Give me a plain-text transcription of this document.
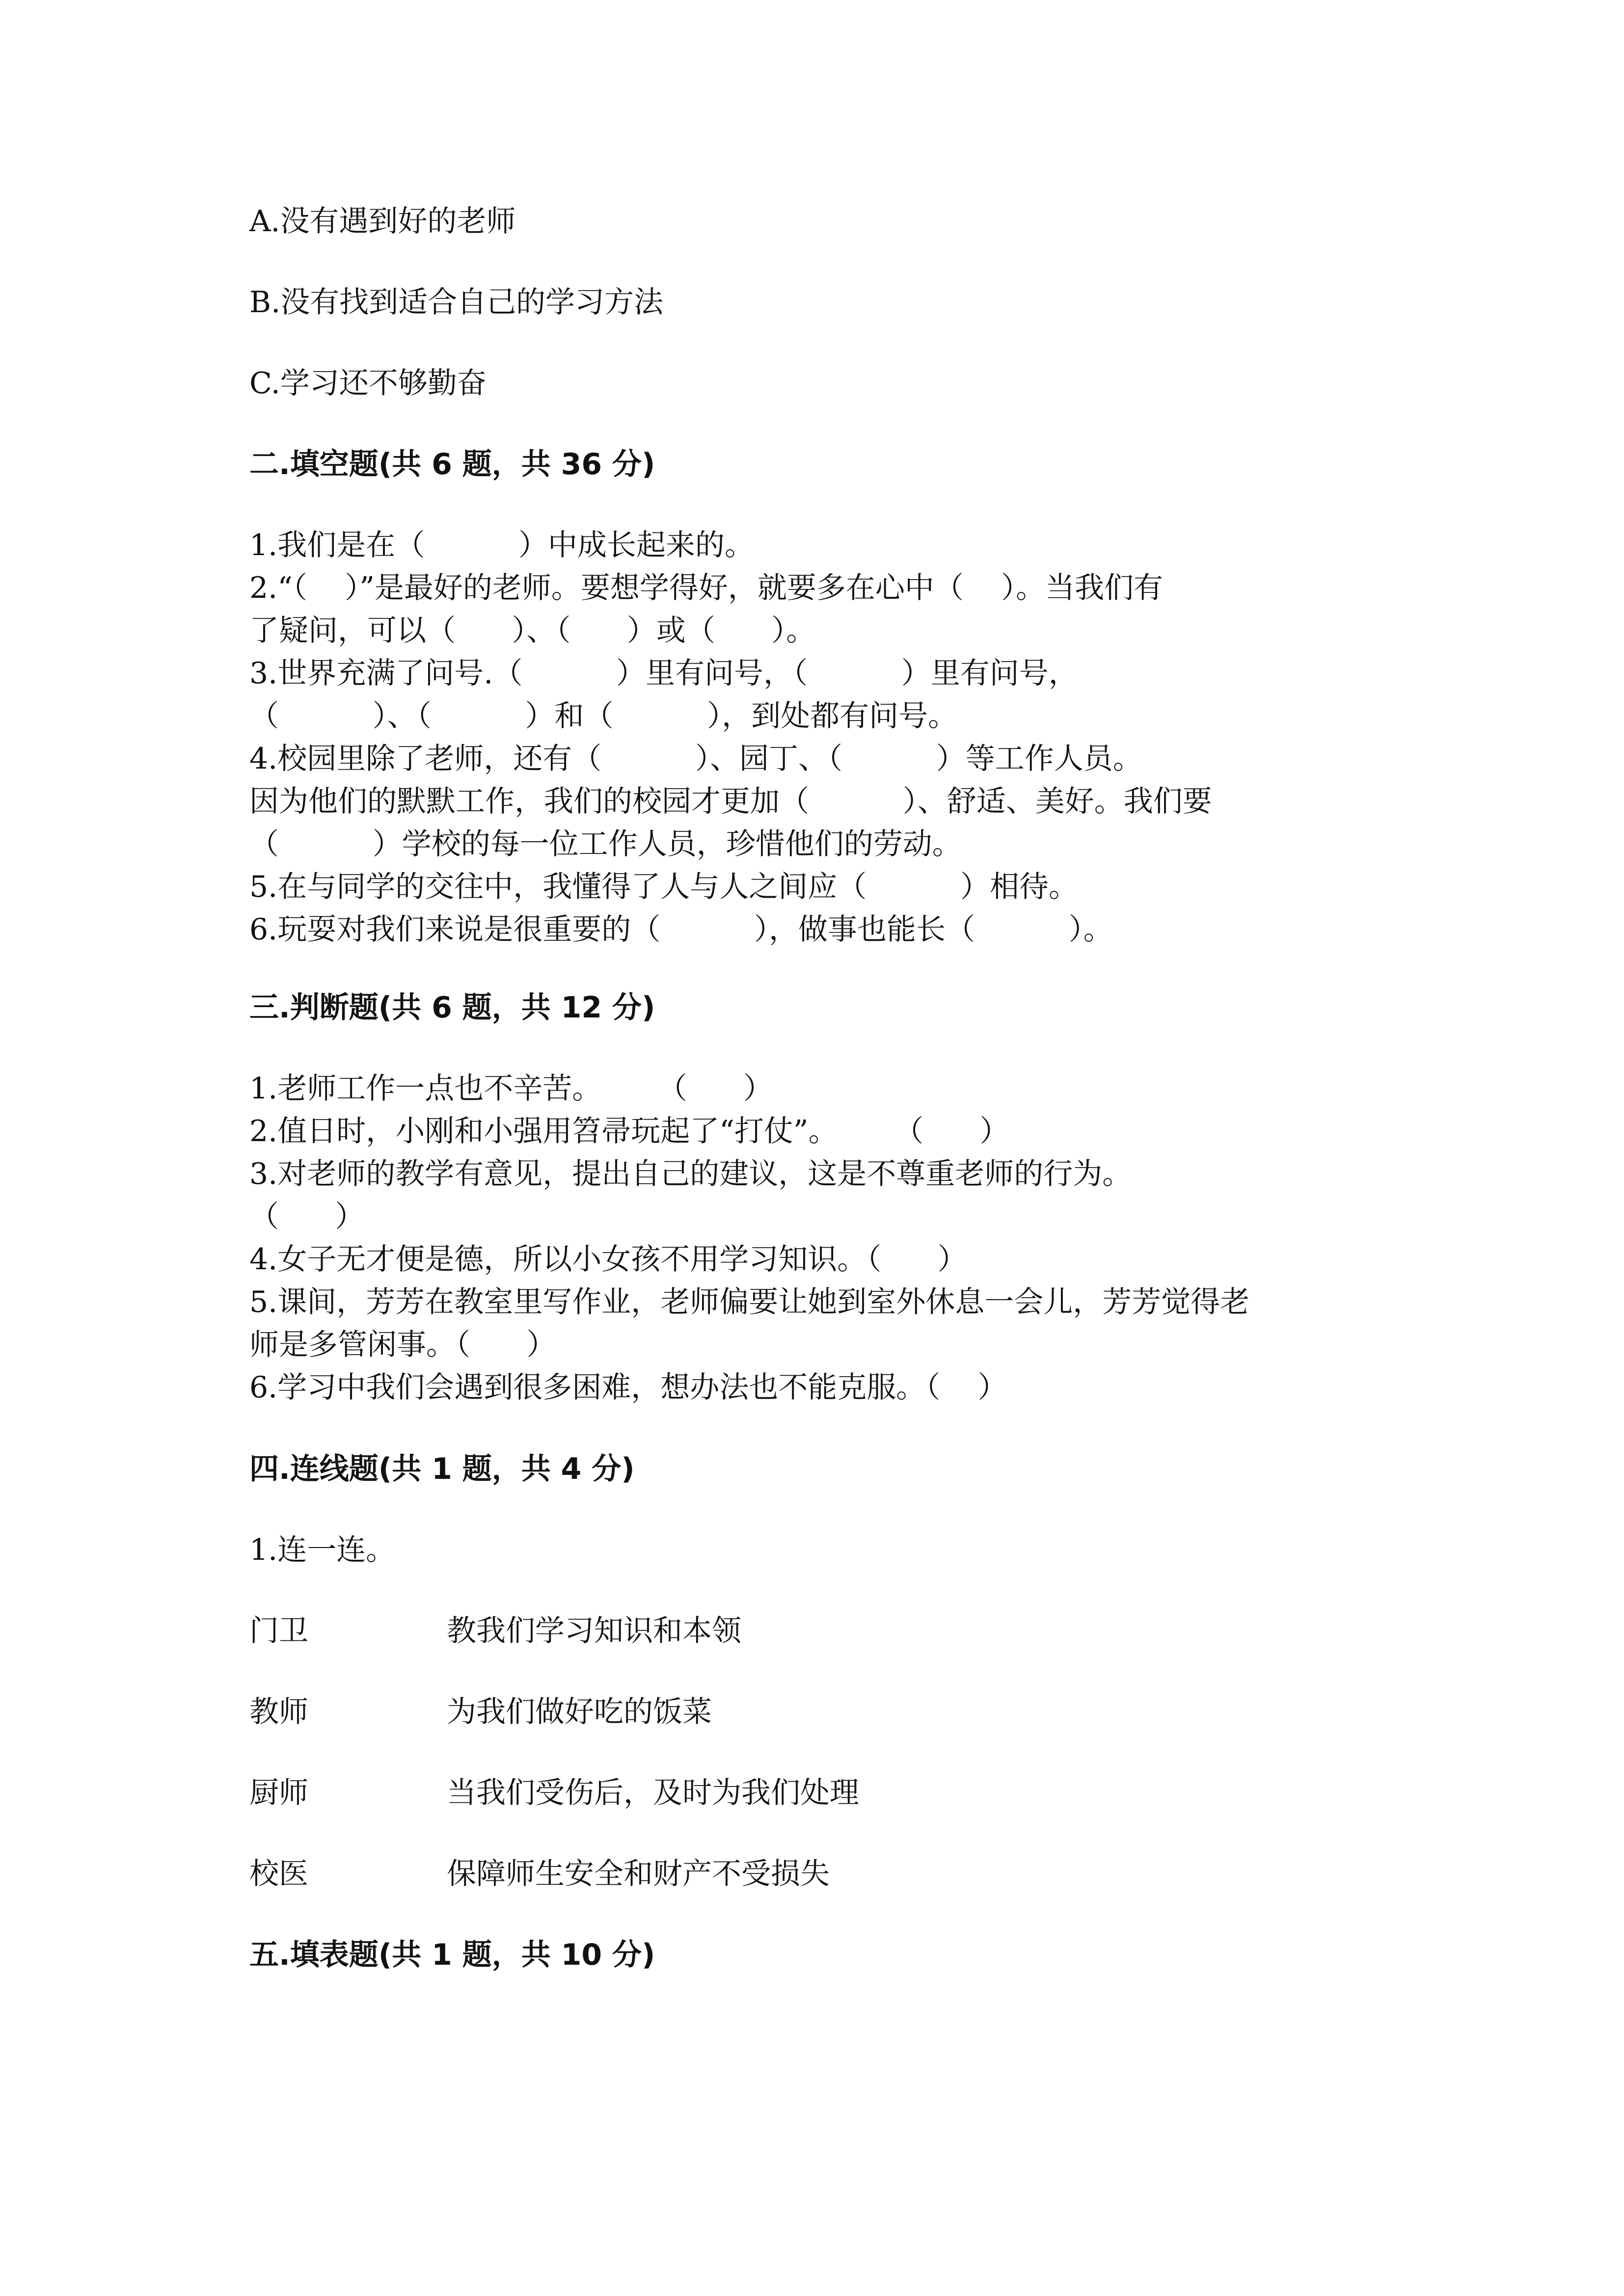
A.没有遇到好的老师
B.没有找到适合自己的学习方法
C.学习还不够勤奋
二.填空题(共 6 题，共 36 分)
1.我们是在（          ）中成长起来的。
2.“（    ）”是最好的老师。要想学得好，就要多在心中（    ）。当我们有
了疑问，可以（      ）、（      ）或（      ）。
3.世界充满了问号.（          ）里有问号，（          ）里有问号，
（          ）、（          ）和（          ），到处都有问号。
4.校园里除了老师，还有（          ）、园丁、（          ）等工作人员。
因为他们的默默工作，我们的校园才更加（          ）、舒适、美好。我们要
（          ）学校的每一位工作人员，珍惜他们的劳动。
5.在与同学的交往中，我懂得了人与人之间应（          ）相待。
6.玩耍对我们来说是很重要的（          ），做事也能长（          ）。
三.判断题(共 6 题，共 12 分)
1.老师工作一点也不辛苦。      （      ）
2.值日时，小刚和小强用笤帚玩起了“打仗”。      （      ）
3.对老师的教学有意见，提出自己的建议，这是不尊重老师的行为。
（      ）
4.女子无才便是德，所以小女孩不用学习知识。（      ）
5.课间，芳芳在教室里写作业，老师偏要让她到室外休息一会儿，芳芳觉得老
师是多管闲事。（      ）
6.学习中我们会遇到很多困难，想办法也不能克服。（    ）
四.连线题(共 1 题，共 4 分)
1.连一连。
门卫	教我们学习知识和本领
教师	为我们做好吃的饭菜
厨师	当我们受伤后，及时为我们处理
校医	保障师生安全和财产不受损失
五.填表题(共 1 题，共 10 分)
